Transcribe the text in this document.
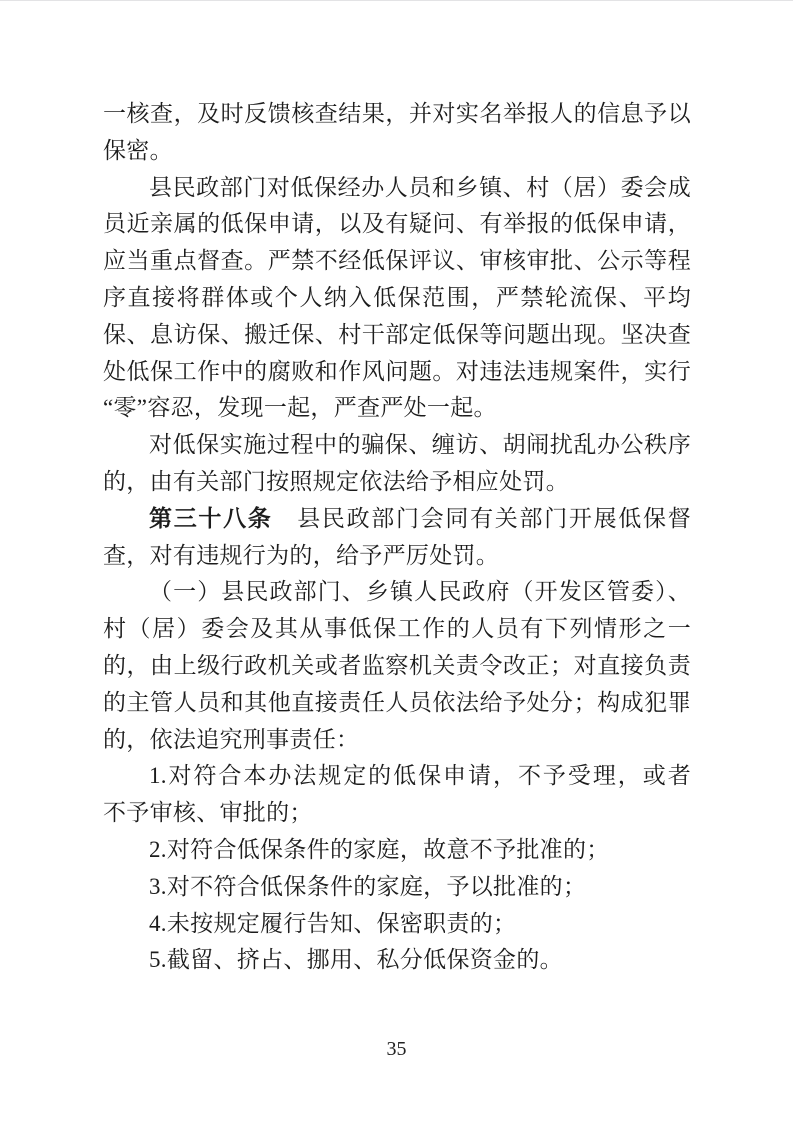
一核查，及时反馈核查结果，并对实名举报人的信息予以
保密。
县民政部门对低保经办人员和乡镇、村（居）委会成
员近亲属的低保申请，以及有疑问、有举报的低保申请，
应当重点督查。严禁不经低保评议、审核审批、公示等程
序直接将群体或个人纳入低保范围，严禁轮流保、平均
保、息访保、搬迁保、村干部定低保等问题出现。坚决查
处低保工作中的腐败和作风问题。对违法违规案件，实行
“零”容忍，发现一起，严查严处一起。
对低保实施过程中的骗保、缠访、胡闹扰乱办公秩序
的，由有关部门按照规定依法给予相应处罚。
第三十八条　县民政部门会同有关部门开展低保督
查，对有违规行为的，给予严厉处罚。
（一）县民政部门、乡镇人民政府（开发区管委）、
村（居）委会及其从事低保工作的人员有下列情形之一
的，由上级行政机关或者监察机关责令改正；对直接负责
的主管人员和其他直接责任人员依法给予处分；构成犯罪
的，依法追究刑事责任：
1.对符合本办法规定的低保申请，不予受理，或者
不予审核、审批的；
2.对符合低保条件的家庭，故意不予批准的；
3.对不符合低保条件的家庭，予以批准的；
4.未按规定履行告知、保密职责的；
5.截留、挤占、挪用、私分低保资金的。
35
